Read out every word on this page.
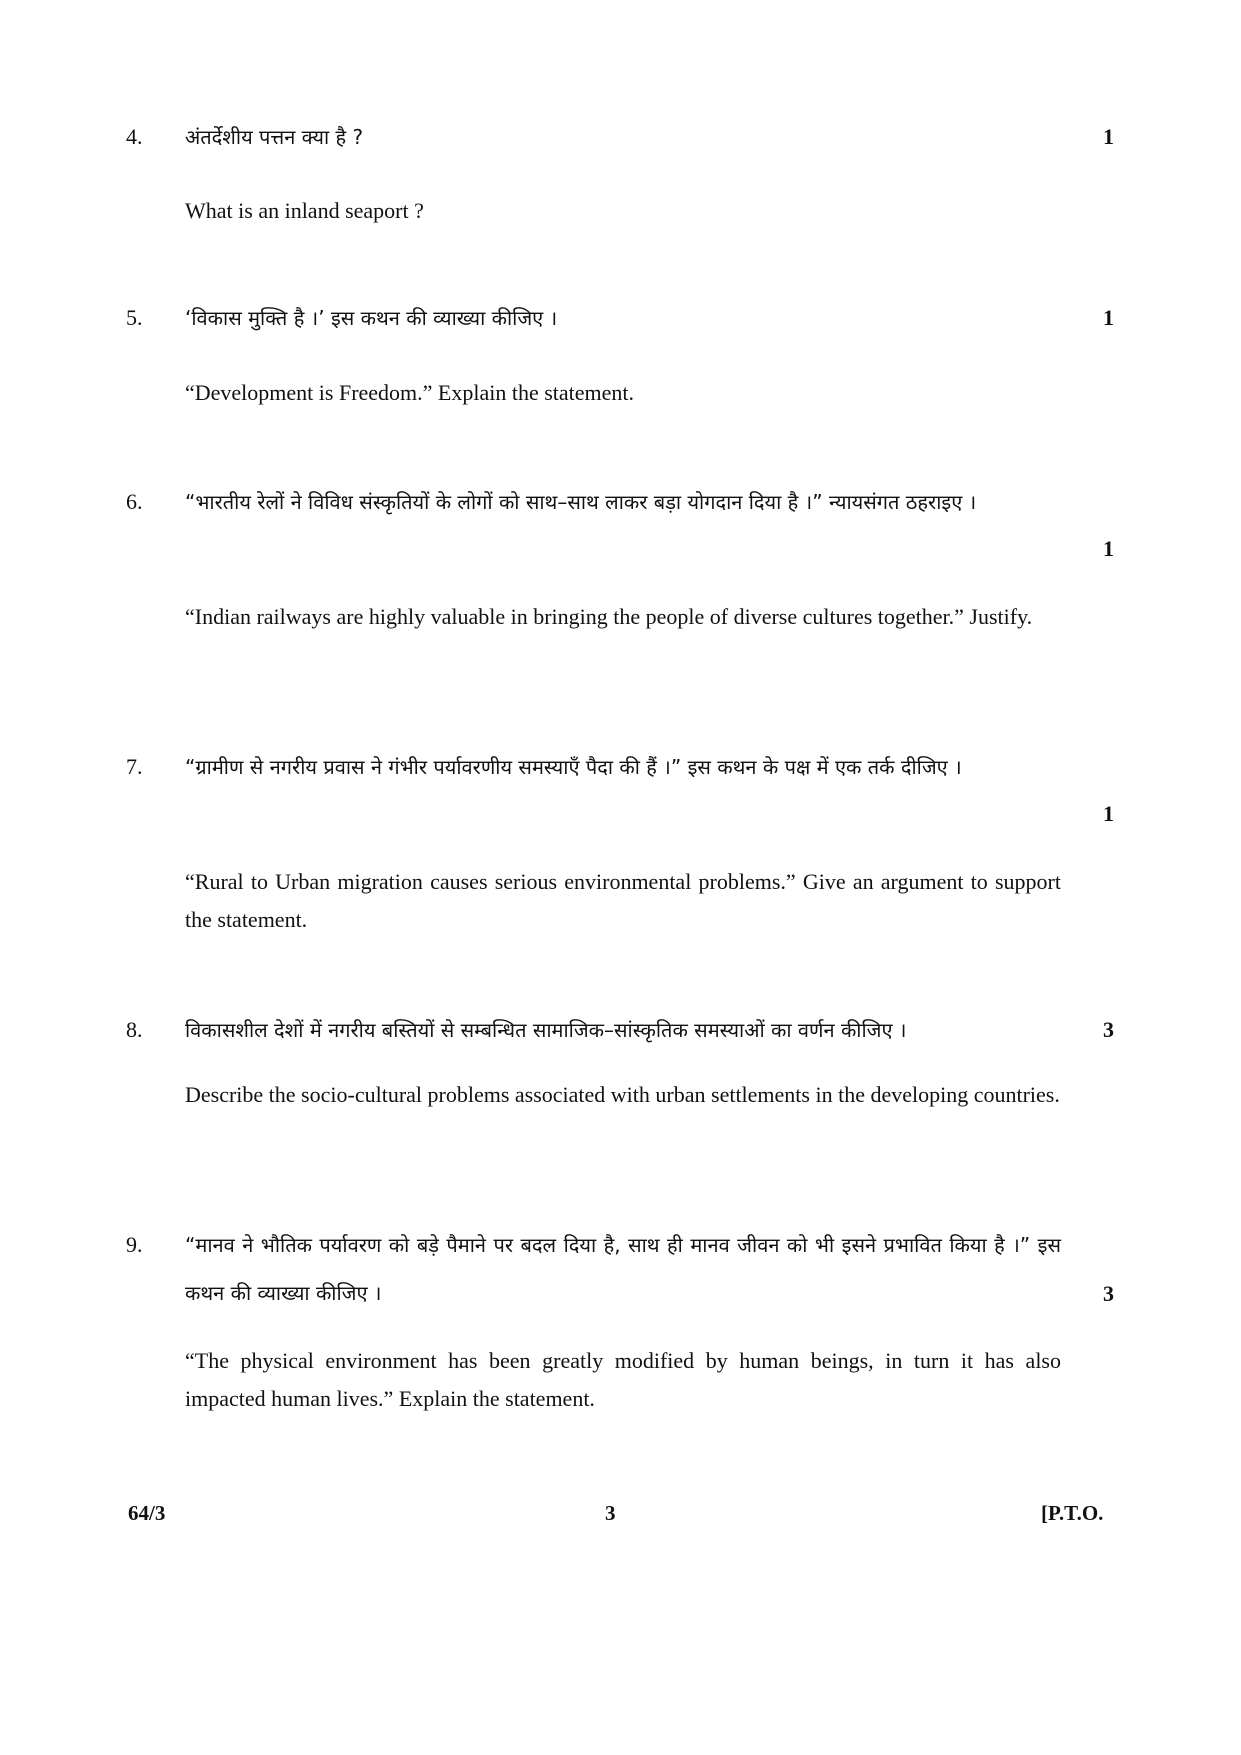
4. अंतर्देशीय पत्तन क्या है ?	1
What is an inland seaport ?
5. ‘विकास मुक्ति है ।’ इस कथन की व्याख्या कीजिए ।	1
“Development is Freedom.” Explain the statement.
6. “भारतीय रेलों ने विविध संस्कृतियों के लोगों को साथ–साथ लाकर बड़ा योगदान दिया है ।” न्यायसंगत ठहराइए ।
1
“Indian railways are highly valuable in bringing the people of diverse cultures together.” Justify.
7. “ग्रामीण से नगरीय प्रवास ने गंभीर पर्यावरणीय समस्याएँ पैदा की हैं ।” इस कथन के पक्ष में एक तर्क दीजिए ।
1
“Rural to Urban migration causes serious environmental problems.” Give an argument to support the statement.
8. विकासशील देशों में नगरीय बस्तियों से सम्बन्धित सामाजिक–सांस्कृतिक समस्याओं का वर्णन कीजिए ।	3
Describe the socio-cultural problems associated with urban settlements in the developing countries.
9. “मानव ने भौतिक पर्यावरण को बड़े पैमाने पर बदल दिया है, साथ ही मानव जीवन को भी इसने प्रभावित किया है ।” इस कथन की व्याख्या कीजिए ।	3
“The physical environment has been greatly modified by human beings, in turn it has also impacted human lives.” Explain the statement.
64/3	3	[P.T.O.
